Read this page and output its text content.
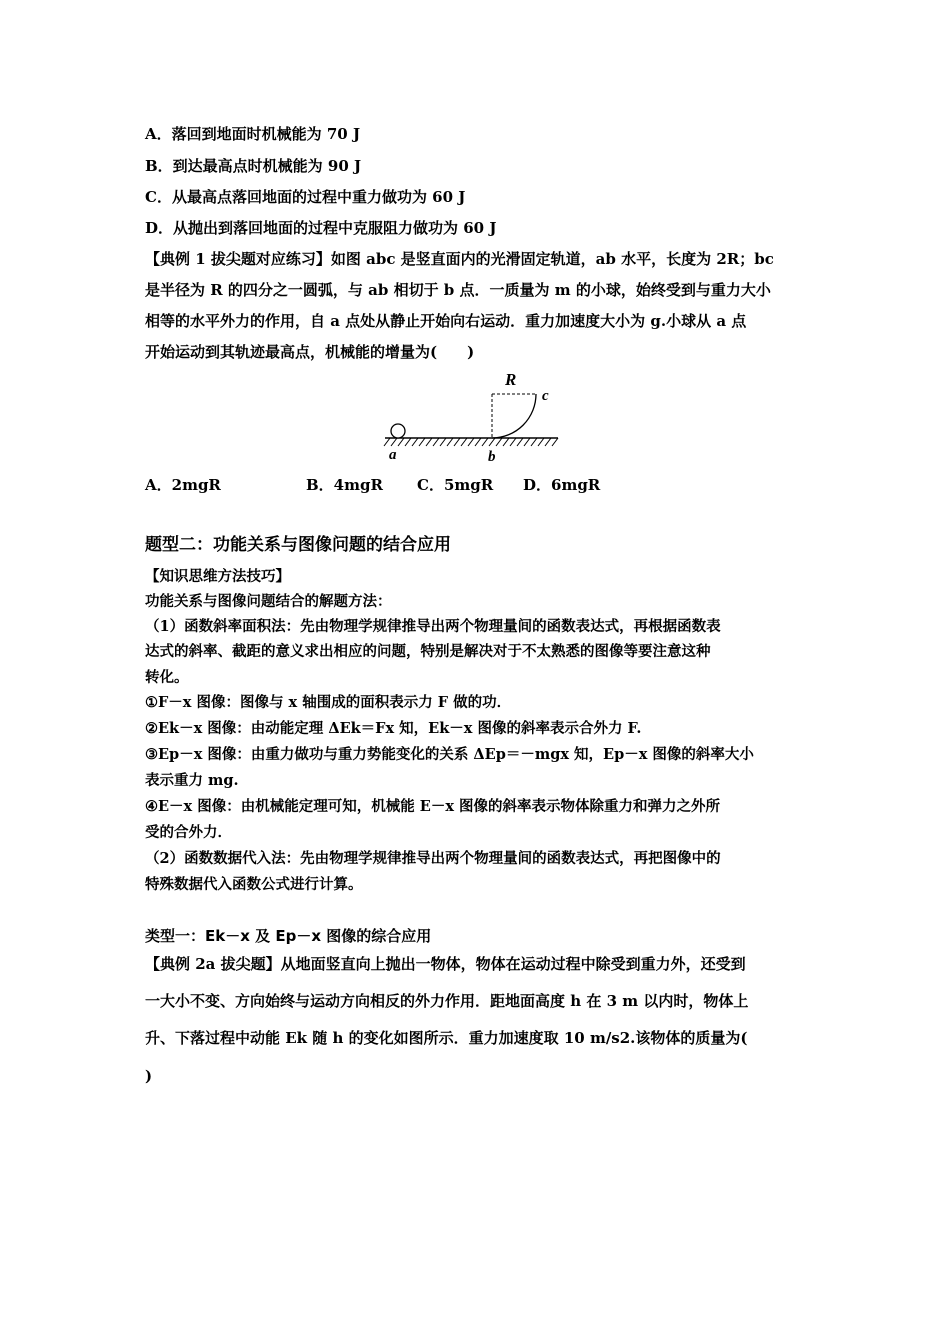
A．落回到地面时机械能为 70 J
B．到达最高点时机械能为 90 J
C．从最高点落回地面的过程中重力做功为 60 J
D．从抛出到落回地面的过程中克服阻力做功为 60 J
【典例 1 拔尖题对应练习】如图 abc 是竖直面内的光滑固定轨道，ab 水平，长度为 2R；bc
是半径为 R 的四分之一圆弧，与 ab 相切于 b 点．一质量为 m 的小球，始终受到与重力大小
相等的水平外力的作用，自 a 点处从静止开始向右运动．重力加速度大小为 g.小球从 a 点
开始运动到其轨迹最高点，机械能的增量为(　　)
R
c
a	b
A．2mgR	B．4mgR C．5mgR D．6mgR
题型二：功能关系与图像问题的结合应用
【知识思维方法技巧】
功能关系与图像问题结合的解题方法：
（1）函数斜率面积法：先由物理学规律推导出两个物理量间的函数表达式，再根据函数表
达式的斜率、截距的意义求出相应的问题，特别是解决对于不太熟悉的图像等要注意这种
转化。
①F－x 图像：图像与 x 轴围成的面积表示力 F 做的功．
②Ek－x 图像：由动能定理 ΔEk＝Fx 知，Ek－x 图像的斜率表示合外力 F.
③Ep－x 图像：由重力做功与重力势能变化的关系 ΔEp＝－mgx 知，Ep－x 图像的斜率大小
表示重力 mg.
④E－x 图像：由机械能定理可知，机械能 E－x 图像的斜率表示物体除重力和弹力之外所
受的合外力．
（2）函数数据代入法：先由物理学规律推导出两个物理量间的函数表达式，再把图像中的
特殊数据代入函数公式进行计算。
类型一：Ek－x 及 Ep－x 图像的综合应用
【典例 2a 拔尖题】从地面竖直向上抛出一物体，物体在运动过程中除受到重力外，还受到
一大小不变、方向始终与运动方向相反的外力作用．距地面高度 h 在 3 m 以内时，物体上
升、下落过程中动能 Ek 随 h 的变化如图所示．重力加速度取 10 m/s2.该物体的质量为(
)
